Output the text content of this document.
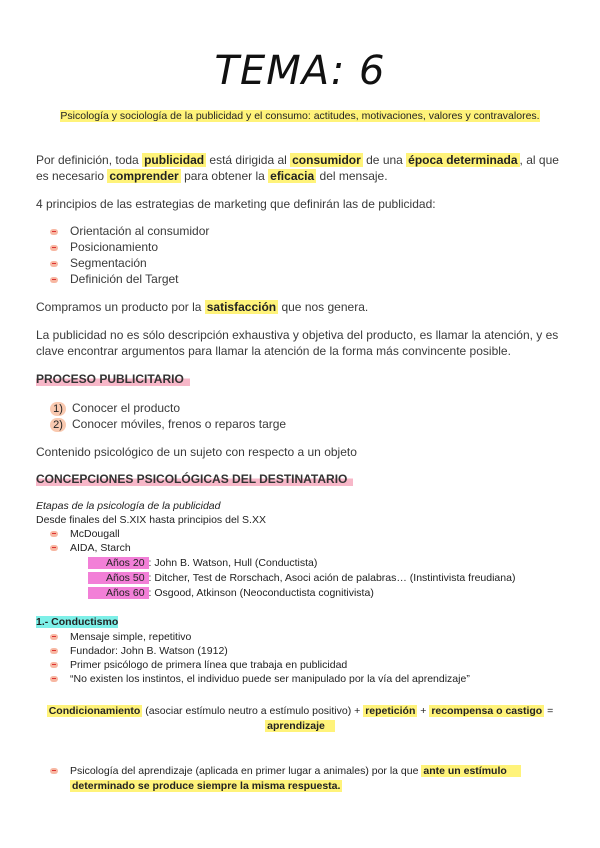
TEMA: 6
Psicología y sociología de la publicidad y el consumo: actitudes, motivaciones, valores y contravalores.
Por definición, toda publicidad está dirigida al consumidor de una época determinada , al que
es necesario comprender para obtener la eficacia del mensaje.
4 principios de las estrategias de marketing que definirán las de publicidad:
Orientación al consumidor
Posicionamiento
Segmentación
Definición del Target
Compramos un producto por la satisfacción que nos genera.
La publicidad no es sólo descripción exhaustiva y objetiva del producto, es llamar la atención, y es
clave encontrar argumentos para llamar la atención de la forma más convincente posible.
PROCESO PUBLICITARIO
1) Conocer el producto
2) Conocer móviles, frenos o reparos targe
Contenido psicológico de un sujeto con respecto a un objeto
CONCEPCIONES PSICOLÓGICAS DEL DESTINATARIO
Etapas de la psicología de la publicidad
Desde finales del S.XIX hasta principios del S.XX
McDougall
AIDA, Starch
Años 20 : John B. Watson, Hull (Conductista)
Años 50 : Ditcher, Test de Rorschach, Asoci ación de palabras… (Instintivista freudiana)
Años 60 : Osgood, Atkinson (Neoconductista cognitivista)
1.- Conductismo
Mensaje simple, repetitivo
Fundador: John B. Watson (1912)
Primer psicólogo de primera línea que trabaja en publicidad
“No existen los instintos, el individuo puede ser manipulado por la vía del aprendizaje”
Condicionamiento (asociar estímulo neutro a estímulo positivo) + repetición + recompensa o castigo =
aprendizaje
Psicología del aprendizaje (aplicada en primer lugar a animales) por la que ante un estímulo
determinado se produce siempre la misma respuesta.
